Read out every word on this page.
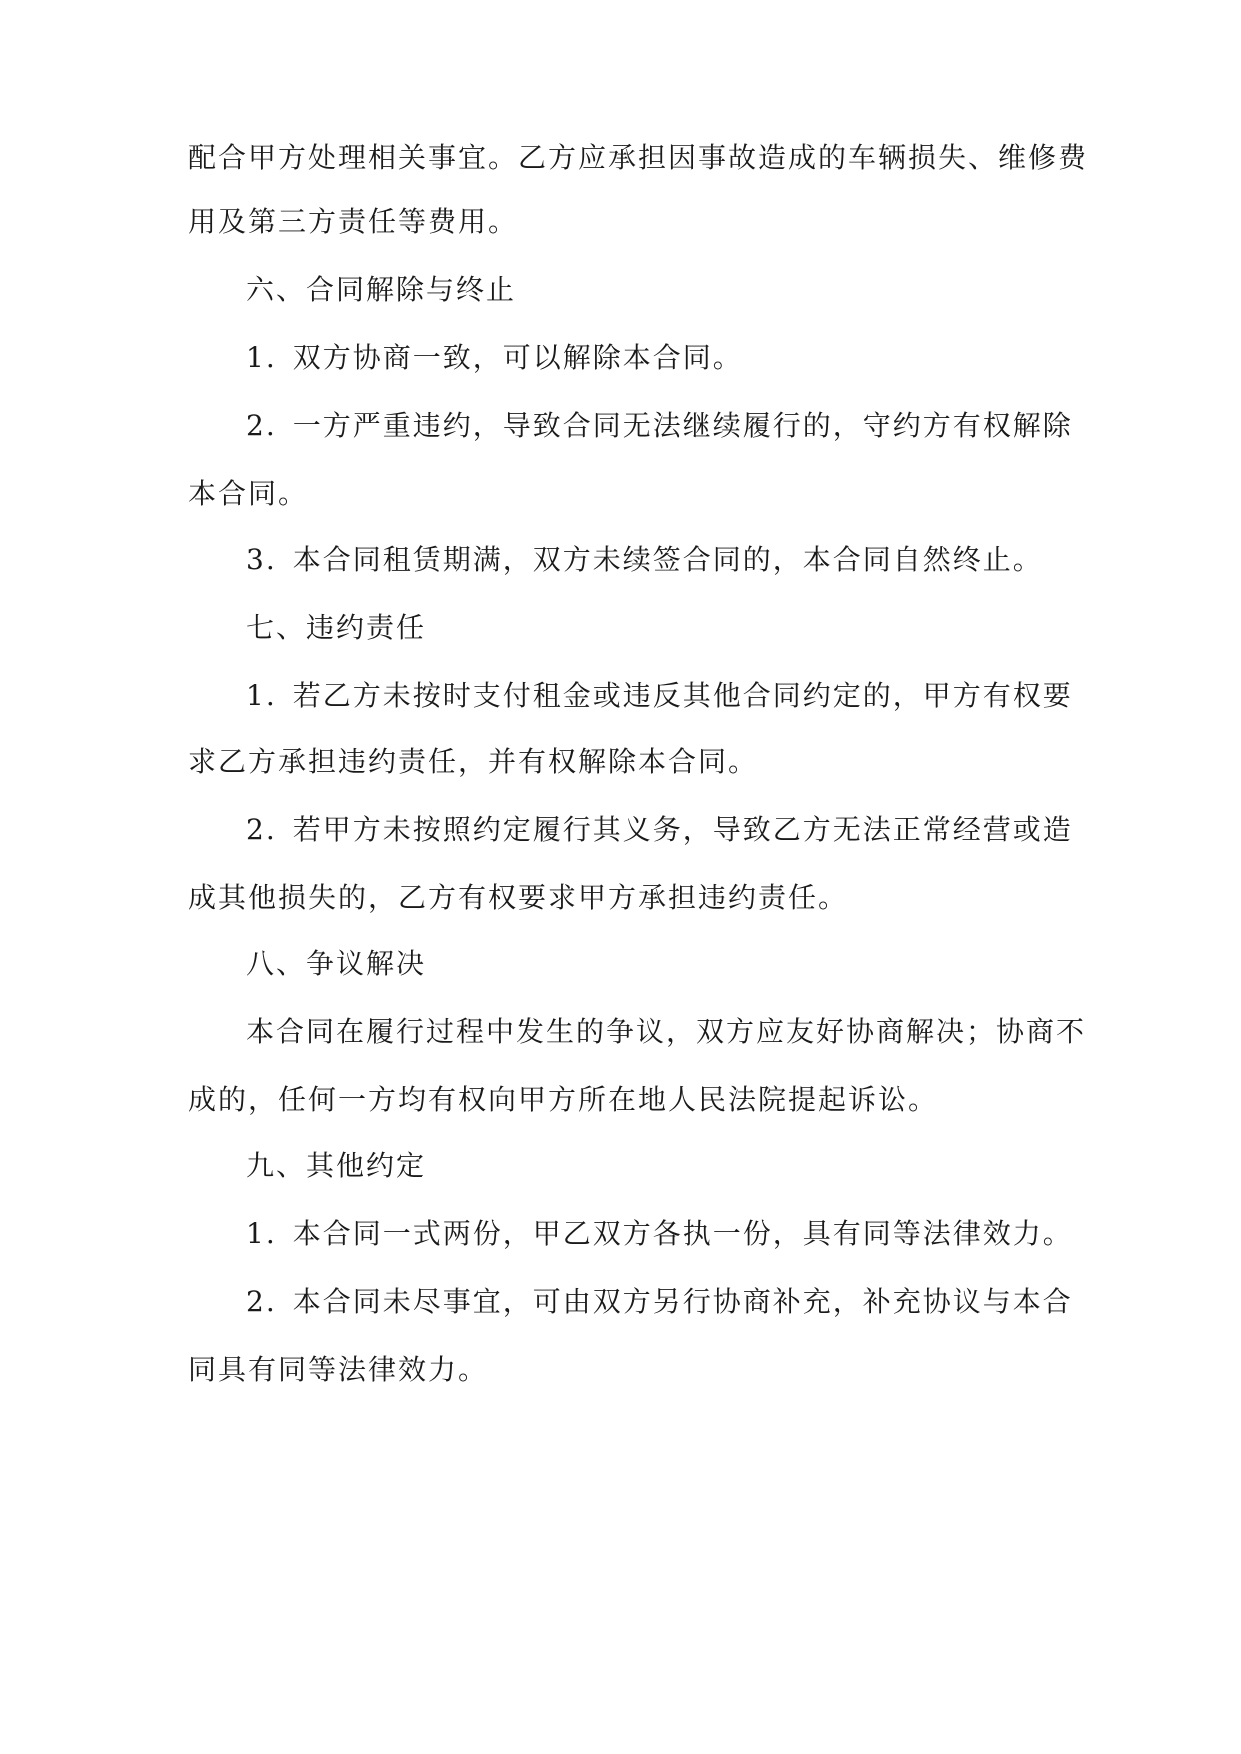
配合甲方处理相关事宜。乙方应承担因事故造成的车辆损失、维修费
用及第三方责任等费用。
六、合同解除与终止
1. 双方协商一致，可以解除本合同。
2. 一方严重违约，导致合同无法继续履行的，守约方有权解除
本合同。
3. 本合同租赁期满，双方未续签合同的，本合同自然终止。
七、违约责任
1. 若乙方未按时支付租金或违反其他合同约定的，甲方有权要
求乙方承担违约责任，并有权解除本合同。
2. 若甲方未按照约定履行其义务，导致乙方无法正常经营或造
成其他损失的，乙方有权要求甲方承担违约责任。
八、争议解决
本合同在履行过程中发生的争议，双方应友好协商解决；协商不
成的，任何一方均有权向甲方所在地人民法院提起诉讼。
九、其他约定
1. 本合同一式两份，甲乙双方各执一份，具有同等法律效力。
2. 本合同未尽事宜，可由双方另行协商补充，补充协议与本合
同具有同等法律效力。
